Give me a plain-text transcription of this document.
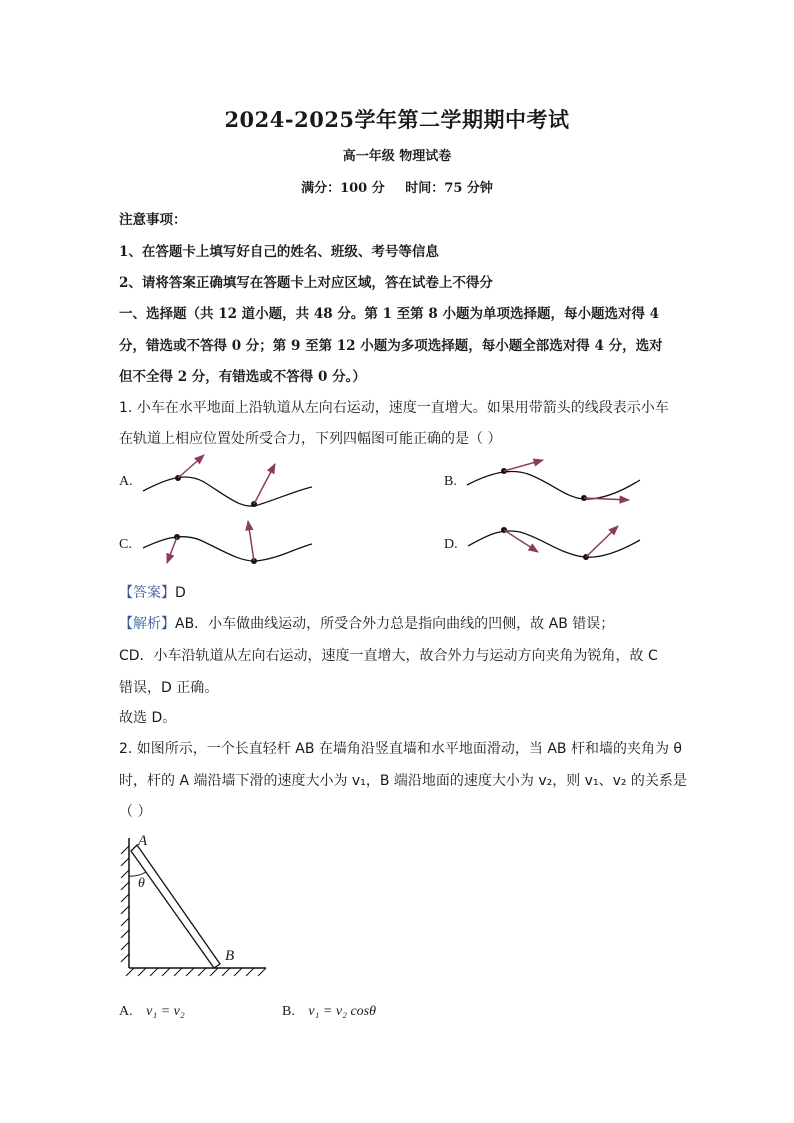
2024-2025学年第二学期期中考试
高一年级 物理试卷
满分：100 分 时间：75 分钟
注意事项：
1、在答题卡上填写好自己的姓名、班级、考号等信息
2、请将答案正确填写在答题卡上对应区域，答在试卷上不得分
一、选择题（共 12 道小题，共 48 分。第 1 至第 8 小题为单项选择题，每小题选对得 4
分，错选或不答得 0 分；第 9 至第 12 小题为多项选择题，每小题全部选对得 4 分，选对
但不全得 2 分，有错选或不答得 0 分。）
1. 小车在水平地面上沿轨道从左向右运动，速度一直增大。如果用带箭头的线段表示小车
在轨道上相应位置处所受合力，下列四幅图可能正确的是（ ）
A.	B.
C.	D.
【答案】D
【解析】AB．小车做曲线运动，所受合外力总是指向曲线的凹侧，故 AB 错误；
CD．小车沿轨道从左向右运动，速度一直增大，故合外力与运动方向夹角为锐角，故 C
错误，D 正确。
故选 D。
2. 如图所示，一个长直轻杆 AB 在墙角沿竖直墙和水平地面滑动，当 AB 杆和墙的夹角为 θ
时，杆的 A 端沿墙下滑的速度大小为 v₁，B 端沿地面的速度大小为 v₂，则 v₁、v₂ 的关系是
（ ）
A
B
θ
A. v₁ = v₂	B. v₁ = v₂ cosθ
